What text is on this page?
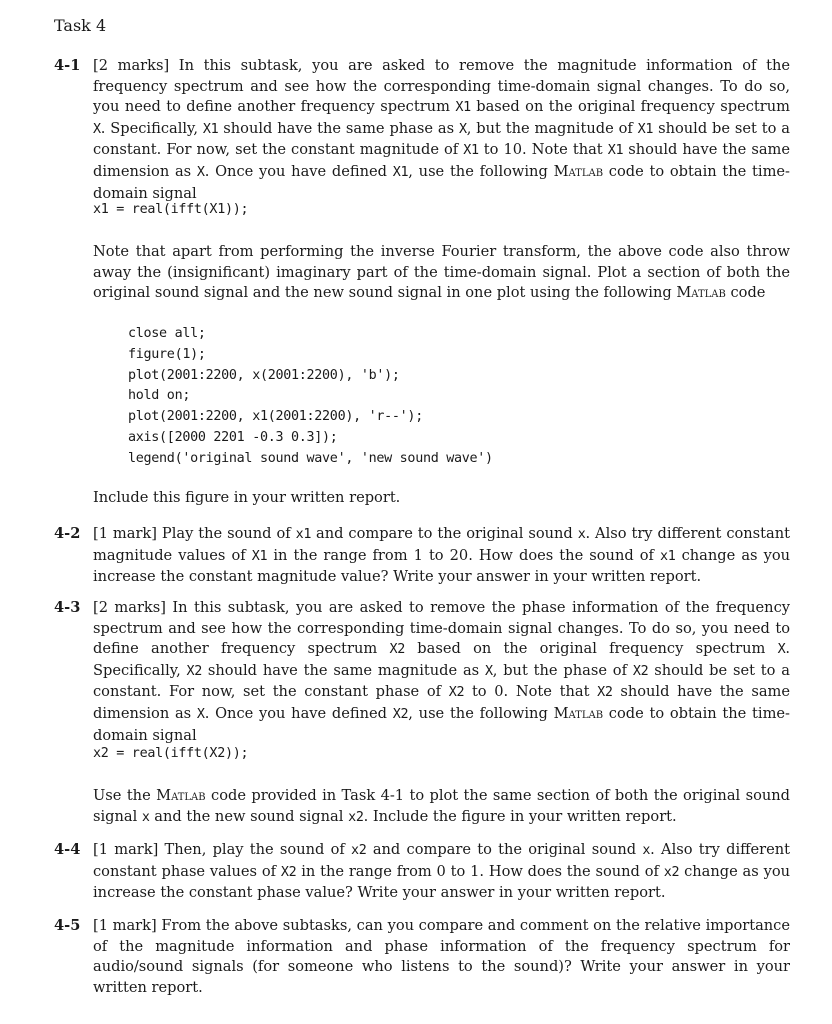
Task 4
4-1 [2 marks] In this subtask, you are asked to remove the magnitude information of the frequency spectrum and see how the corresponding time-domain signal changes. To do so, you need to define another frequency spectrum X1 based on the original frequency spectrum X. Specifically, X1 should have the same phase as X, but the magnitude of X1 should be set to a constant. For now, set the constant magnitude of X1 to 10. Note that X1 should have the same dimension as X. Once you have defined X1, use the following Matlab code to obtain the time-domain signal

x1 = real(ifft(X1));

Note that apart from performing the inverse Fourier transform, the above code also throw away the (insignificant) imaginary part of the time-domain signal. Plot a section of both the original sound signal and the new sound signal in one plot using the following Matlab code

close all;
figure(1);
plot(2001:2200, x(2001:2200), 'b');
hold on;
plot(2001:2200, x1(2001:2200), 'r--');
axis([2000 2201 -0.3 0.3]);
legend('original sound wave', 'new sound wave')

Include this figure in your written report.

4-2 [1 mark] Play the sound of x1 and compare to the original sound x. Also try different constant magnitude values of X1 in the range from 1 to 20. How does the sound of x1 change as you increase the constant magnitude value? Write your answer in your written report.

4-3 [2 marks] In this subtask, you are asked to remove the phase information of the frequency spectrum and see how the corresponding time-domain signal changes. To do so, you need to define another frequency spectrum X2 based on the original frequency spectrum X. Specifically, X2 should have the same magnitude as X, but the phase of X2 should be set to a constant. For now, set the constant phase of X2 to 0. Note that X2 should have the same dimension as X. Once you have defined X2, use the following Matlab code to obtain the time-domain signal

x2 = real(ifft(X2));

Use the Matlab code provided in Task 4-1 to plot the same section of both the original sound signal x and the new sound signal x2. Include the figure in your written report.

4-4 [1 mark] Then, play the sound of x2 and compare to the original sound x. Also try different constant phase values of X2 in the range from 0 to 1. How does the sound of x2 change as you increase the constant phase value? Write your answer in your written report.

4-5 [1 mark] From the above subtasks, can you compare and comment on the relative importance of the magnitude information and phase information of the frequency spectrum for audio/sound signals (for someone who listens to the sound)? Write your answer in your written report.
